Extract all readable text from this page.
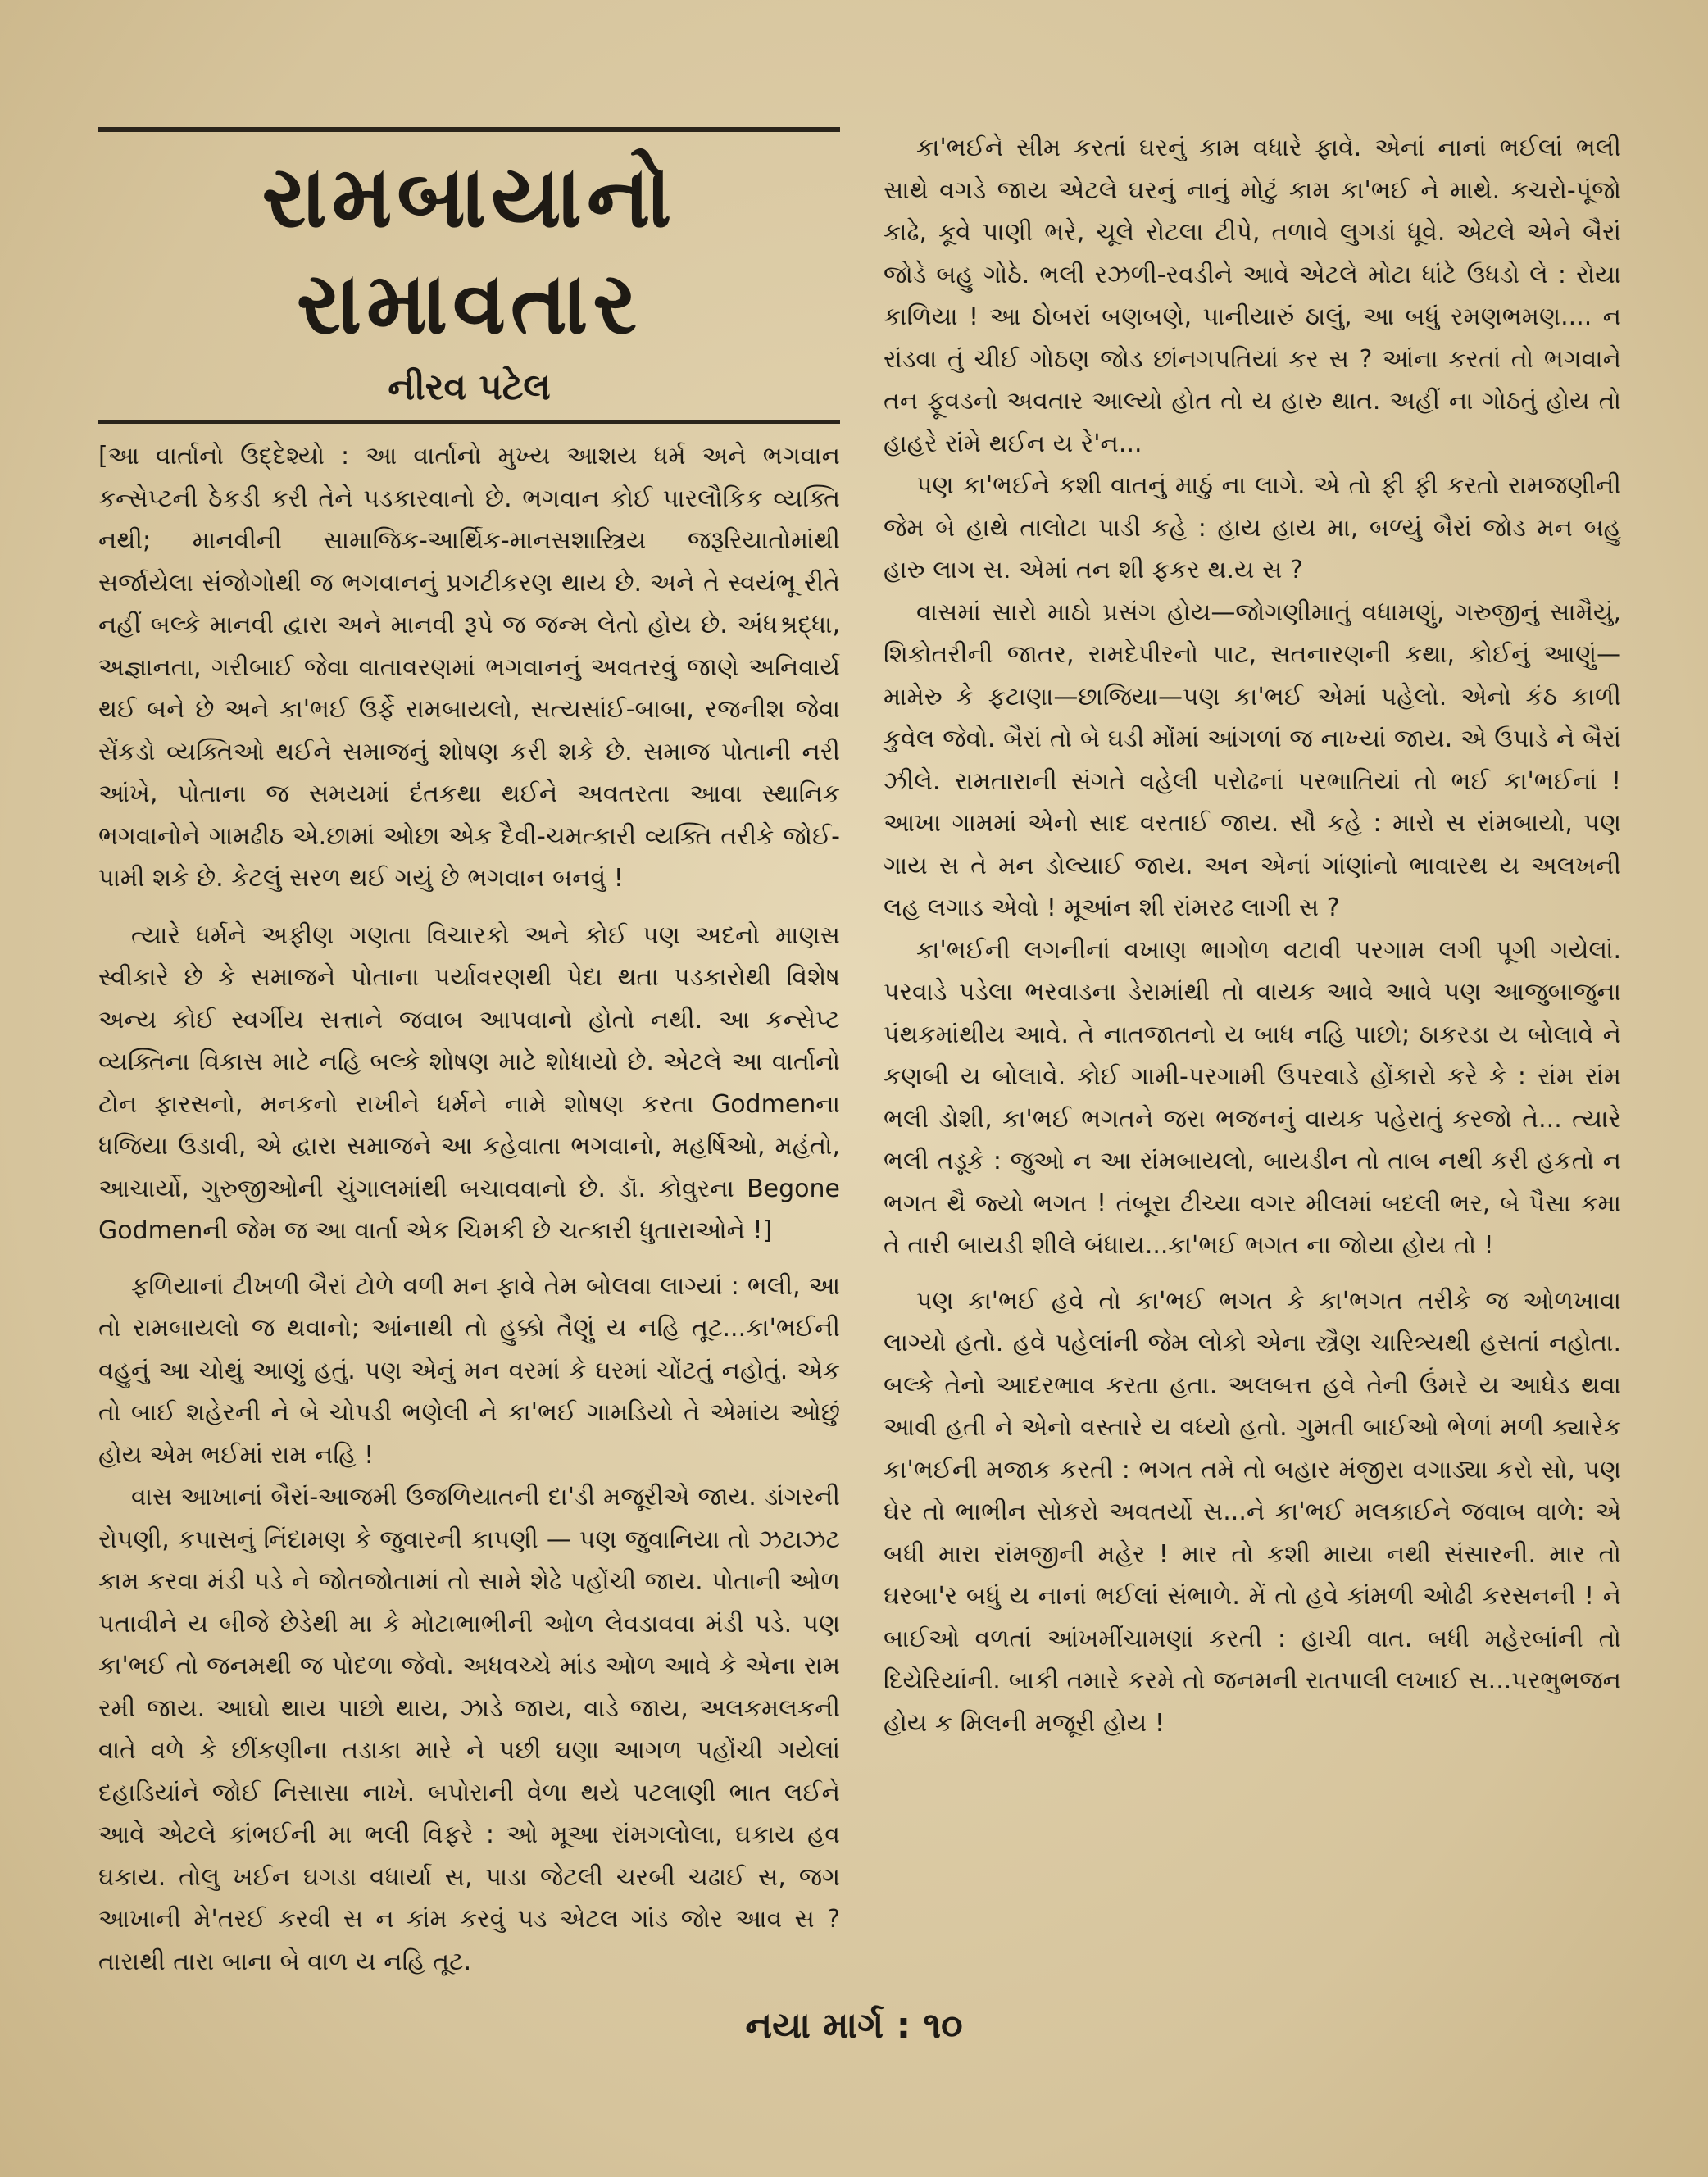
રામબાયાનો રામાવતાર
નીરવ પટેલ

[આ વાર્તાનો ઉદ્દેશ્યો : આ વાર્તાનો મુખ્ય આશય ધર્મ અને ભગવાન કન્સેપ્ટની ઠેકડી કરી તેને પડકારવાનો છે. ભગવાન કોઈ પારલૌકિક વ્યક્તિ નથી; માનવીની સામાજિક-આર્થિક-માનસશાસ્ત્રિય જરૂરિયાતોમાંથી સર્જાયેલા સંજોગોથી જ ભગવાનનું પ્રગટીકરણ થાય છે. અને તે સ્વયંભૂ રીતે નહીં બલ્કે માનવી દ્વારા અને માનવી રૂપે જ જન્મ લેતો હોય છે. અંધશ્રદ્ધા, અજ્ઞાનતા, ગરીબાઈ જેવા વાતાવરણમાં ભગવાનનું અવતરવું જાણે અનિવાર્ય થઈ બને છે અને કા'ભઈ ઉર્ફે રામબાયલો, સત્યસાંઈ-બાબા, રજનીશ જેવા સેંકડો વ્યક્તિઓ થઈને સમાજનું શોષણ કરી શકે છે. સમાજ પોતાની નરી આંખે, પોતાના જ સમયમાં દંતકથા થઈને અવતરતા આવા સ્થાનિક ભગવાનોને ગામઢીઠ એ.છામાં ઓછા એક દૈવી-ચમત્કારી વ્યક્તિ તરીકે જોઈ-પામી શકે છે. કેટલું સરળ થઈ ગયું છે ભગવાન બનવું !

ત્યારે ધર્મને અફીણ ગણતા વિચારકો અને કોઈ પણ અદનો માણસ સ્વીકારે છે કે સમાજને પોતાના પર્યાવરણથી પેદા થતા પડકારોથી વિશેષ અન્ય કોઈ સ્વર્ગીય સત્તાને જવાબ આપવાનો હોતો નથી. આ કન્સેપ્ટ વ્યક્તિના વિકાસ માટે નહિ બલ્કે શોષણ માટે શોધાયો છે. એટલે આ વાર્તાનો ટોન ફારસનો, મનકનો રાખીને ધર્મને નામે શોષણ કરતા Godmenના ધજિયા ઉડાવી, એ દ્વારા સમાજને આ કહેવાતા ભગવાનો, મહર્ષિઓ, મહંતો, આચાર્યો, ગુરુજીઓની ચુંગાલમાંથી બચાવવાનો છે. ડૉ. કોવુરના Begone Godmenની જેમ જ આ વાર્તા એક ચિમકી છે ચત્કારી ધુતારાઓને !]

ફળિયાનાં ટીખળી બૈરાં ટોળે વળી મન ફાવે તેમ બોલવા લાગ્યાં : ભલી, આ તો રામબાયલો જ થવાનો; આંનાથી તો હુક્કો તૈણું ય નહિ તૂટ...કા'ભઈની વહુનું આ ચોથું આણું હતું. પણ એનું મન વરમાં કે ઘરમાં ચોંટતું નહોતું. એક તો બાઈ શહેરની ને બે ચોપડી ભણેલી ને કા'ભઈ ગામડિયો તે એમાંય ઓછું હોય એમ ભઈમાં રામ નહિ !

વાસ આખાનાં બૈરાં-આજમી ઉજળિયાતની દા'ડી મજૂરીએ જાય. ડાંગરની રોપણી, કપાસનું નિંદામણ કે જુવારની કાપણી — પણ જુવાનિયા તો ઝટાઝટ કામ કરવા મંડી પડે ને જોતજોતામાં તો સામે શેઢે પહોંચી જાય. પોતાની ઓળ પતાવીને ય બીજે છેડેથી મા કે મોટાભાભીની ઓળ લેવડાવવા મંડી પડે. પણ કા'ભઈ તો જનમથી જ પોદળા જેવો. અધવચ્ચે માંડ ઓળ આવે કે એના રામ રમી જાય. આઘો થાય પાછો થાય, ઝાડે જાય, વાડે જાય, અલકમલકની વાતે વળે કે છીંકણીના તડાકા મારે ને પછી ઘણા આગળ પહોંચી ગયેલાં દહાડિયાંને જોઈ નિસાસા નાખે. બપોરાની વેળા થયે પટલાણી ભાત લઈને આવે એટલે કાંભઈની મા ભલી વિફરે : ઓ મૂઆ રાંમગલોલા, ઘકાય હવ ઘકાય. તોલુ ખઈન ઘગડા વધાર્યા સ, પાડા જેટલી ચરબી ચઢાઈ સ, જગ આખાની મે'તરઈ કરવી સ ન કાંમ કરવું પડ એટલ ગાંડ જોર આવ સ ? તારાથી તારા બાના બે વાળ ય નહિ તૂટ.

કા'ભઈને સીમ કરતાં ઘરનું કામ વધારે ફાવે. એનાં નાનાં ભઈલાં ભલી સાથે વગડે જાય એટલે ઘરનું નાનું મોટું કામ કા'ભઈ ને માથે. કચરો-પૂંજો કાઢે, કૂવે પાણી ભરે, ચૂલે રોટલા ટીપે, તળાવે લુગડાં ધૂવે. એટલે એને બૈરાં જોડે બહુ ગોઠે. ભલી રઝળી-રવડીને આવે એટલે મોટા ધાંટે ઉધડો લે : રોયા કાળિયા ! આ ઠોબરાં બણબણે, પાનીયારું ઠાલું, આ બધું રમણભમણ.... ન રાંડવા તું ચીઈ ગોઠણ જોડ છાંનગપતિયાં કર સ ? આંના કરતાં તો ભગવાને તન ફૂવડનો અવતાર આલ્યો હોત તો ય હારુ થાત. અહીં ના ગોઠતું હોય તો હાહરે રાંમે થઈન ય રે'ન...

પણ કા'ભઈને કશી વાતનું માઠું ના લાગે. એ તો ફી ફી કરતો રામજણીની જેમ બે હાથે તાલોટા પાડી કહે : હાય હાય મા, બળ્યું બૈરાં જોડ મન બહુ હારુ લાગ સ. એમાં તન શી ફકર થ.ય સ ?

વાસમાં સારો માઠો પ્રસંગ હોય—જોગણીમાતું વધામણું, ગરુજીનું સામૈયું, શિકોતરીની જાતર, રામદેપીરનો પાટ, સતનારણની કથા, કોઈનું આણું—મામેરુ કે ફટાણા—છાજિયા—પણ કા'ભઈ એમાં પહેલો. એનો કંઠ કાળી કુવેલ જેવો. બૈરાં તો બે ઘડી મોંમાં આંગળાં જ નાખ્યાં જાય. એ ઉપાડે ને બૈરાં ઝીલે. રામતારાની સંગતે વહેલી પરોઢનાં પરભાતિયાં તો ભઈ કા'ભઈનાં ! આખા ગામમાં એનો સાદ વરતાઈ જાય. સૌ કહે : મારો સ રાંમબાયો, પણ ગાય સ તે મન ડોલ્યાઈ જાય. અન એનાં ગાંણાંનો ભાવારથ ય અલખની લહ લગાડ એવો ! મૂઆંન શી રાંમરઢ લાગી સ ?

કા'ભઈની લગનીનાં વખાણ ભાગોળ વટાવી પરગામ લગી પૂગી ગયેલાં. પરવાડે પડેલા ભરવાડના ડેરામાંથી તો વાયક આવે આવે પણ આજુબાજુના પંથકમાંથીય આવે. તે નાતજાતનો ય બાધ નહિ પાછો; ઠાકરડા ય બોલાવે ને કણબી ય બોલાવે. કોઈ ગામી-પરગામી ઉપરવાડે હોંકારો કરે કે : રાંમ રાંમ ભલી ડોશી, કા'ભઈ ભગતને જરા ભજનનું વાયક પહેરાતું કરજો તે... ત્યારે ભલી તડૂકે : જુઓ ન આ રાંમબાયલો, બાયડીન તો તાબ નથી કરી હકતો ન ભગત થૈ જ્યો ભગત ! તંબૂરા ટીચ્યા વગર મીલમાં બદલી ભર, બે પૈસા કમા તે તારી બાયડી શીલે બંધાય...કા'ભઈ ભગત ના જોયા હોય તો !

પણ કા'ભઈ હવે તો કા'ભઈ ભગત કે કા'ભગત તરીકે જ ઓળખાવા લાગ્યો હતો. હવે પહેલાંની જેમ લોકો એના સ્ત્રૈણ ચારિત્ર્યથી હસતાં નહોતા. બલ્કે તેનો આદરભાવ કરતા હતા. અલબત્ત હવે તેની ઉંમરે ય આધેડ થવા આવી હતી ને એનો વસ્તારે ય વધ્યો હતો. ગુમતી બાઈઓ ભેળાં મળી ક્યારેક કા'ભઈની મજાક કરતી : ભગત તમે તો બહાર મંજીરા વગાડ્યા કરો સો, પણ ઘેર તો ભાભીન સોકરો અવતર્યો સ...ને કા'ભઈ મલકાઈને જવાબ વાળે: એ બધી મારા રાંમજીની મહેર ! માર તો કશી માયા નથી સંસારની. માર તો ઘરબા'ર બધું ય નાનાં ભઈલાં સંભાળે. મેં તો હવે કાંમળી ઓઢી કરસનની ! ને બાઈઓ વળતાં આંખમીંચામણાં કરતી : હાચી વાત. બધી મહેરબાંની તો દિયેરિયાંની. બાકી તમારે કરમે તો જનમની રાતપાલી લખાઈ સ...પરભુભજન હોય ક મિલની મજૂરી હોય !

નયા માર્ગ : ૧૦
